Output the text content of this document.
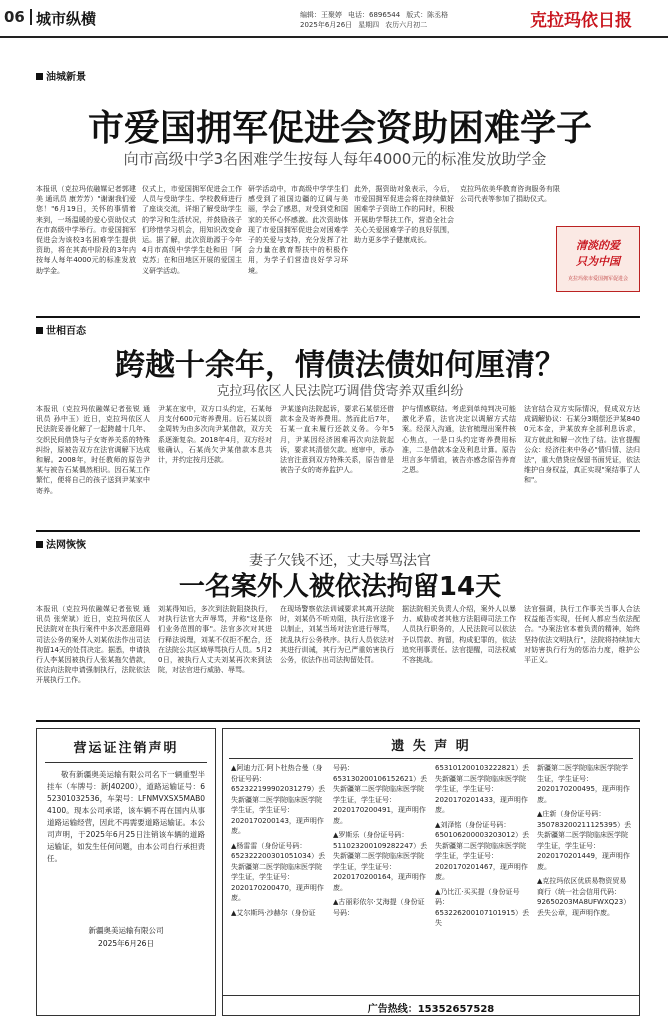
06 城市纵横	编辑：王聚婷 电话：6896544 版式：陈丞格
2025年6月26日 星期四 农历六月初二	克拉玛依日报
油城新景
市爱国拥军促进会资助困难学子
向市高级中学3名困难学生按每人每年4000元的标准发放助学金
本报讯（克拉玛依融媒记者郭建美 通讯员 康芳芳）"谢谢我们爱您！"6月19日，关怀的事情着来到，一场温暖的爱心资助仪式在市高级中学举行。市爱国拥军促进会为该校3名困难学生提供资助，将在其高中阶段的3年内按每人每年4000元的标准发放助学金。
仪式上，市爱国拥军促进会工作人员与受助学生、学校教师进行了座谈交流，详细了解受助学生的学习和生活状况，并鼓励孩子们珍惜学习机会，用知识改变命运。据了解，此次资助源于今年4月市高级中学学生赴和田「阿克苏」在和田地区开展的爱国主义研学活动。
研学活动中，市高级中学学生们感受到了祖国边疆的辽阔与美丽，学会了感恩，对受到党和国家的关怀心怀感激。此次资助体现了市爱国拥军促进会对困难学子的关爱与支持，充分发挥了社会力量在教育帮扶中的积极作用，为学子们营造良好学习环境。
此外，据资助对象表示，今后，市爱国拥军促进会将在持续做好困难学子资助工作的同时，积极开展助学帮扶工作，营造全社会关心关爱困难学子的良好氛围，助力更多学子健康成长。
克拉玛依美华教育咨询服务有限公司代表等参加了捐助仪式。
清淡的爱
只为中国
克拉玛依市爱国拥军促进会
世相百态
跨越十余年，情债法债如何厘清？
克拉玛依区人民法院巧调借贷寄养双重纠纷
本报讯（克拉玛依融媒记者张锐 通讯员 孙中玉）近日，克拉玛依区人民法院妥善化解了一起跨越十几年、交织民间借贷与子女寄养关系的特殊纠纷，原被告双方在法官调解下达成和解。2008年，时任教师的原告尹某与被告石某偶然相识。因石某工作繁忙，便将自己的孩子送到尹某家中寄养。
尹某在家中，双方口头约定，石某每月支付600元寄养费用。后石某以资金周转为由多次向尹某借款，双方关系逐渐复杂。2018年4月，双方经对账确认，石某尚欠尹某借款本息共计，并约定按月还款。
尹某遂向法院起诉，要求石某偿还借款本金及寄养费用。然而此后7年，石某一直未履行还款义务。今年5月，尹某因经济困难再次向法院起诉，要求其清偿欠款。庭审中，承办法官注意到双方特殊关系，原告曾是被告子女的寄养监护人。
护与情感联结。考虑到单纯判决可能激化矛盾，法官决定以调解方式结案。经深入沟通，法官梳理出案件核心焦点，一是口头约定寄养费用标准，二是借款本金及利息计算。原告坦言多年情谊，被告亦感念原告养育之恩。
法官结合双方实际情况，促成双方达成调解协议：石某分3期偿还尹某8400元本金，尹某放弃全部利息诉求，双方就此和解一次性了结。法官提醒公众：经济往来中务必"情归情、法归法"，重大借贷应保留书面凭证，依法维护自身权益，真正实现"案结事了人和"。
法网恢恢
妻子欠钱不还，丈夫辱骂法官
一名案外人被依法拘留14天
本报讯（克拉玛依融媒记者张锐 通讯员 张荣斌）近日，克拉玛依区人民法院对在执行案件中多次恶意阻碍司法公务的案外人刘某依法作出司法拘留14天的处罚决定。据悉，申请执行人李某因被执行人张某拖欠借款，依法向法院申请强制执行，法院依法开展执行工作。
刘某得知后，多次到法院阻挠执行，对执行法官大声辱骂，并称"这是你们业务范围的事"。法官多次对其进行释法说理，刘某不仅拒不配合，还在法院公共区域辱骂执行人员。5月20日，被执行人丈夫刘某再次来到法院，对法官进行威胁、辱骂。
在现场警察依法训诫要求其离开法院时，刘某仍不听劝阻，执行法官遂予以制止，刘某当场对法官进行辱骂，扰乱执行公务秩序。执行人员依法对其进行训诫，其行为已严重妨害执行公务，依法作出司法拘留处罚。
据法院相关负责人介绍，案外人以暴力、威胁或者其他方法阻碍司法工作人员执行职务的，人民法院可以依法予以罚款、拘留，构成犯罪的，依法追究刑事责任。法官提醒，司法权威不容挑战。
法官强调，执行工作事关当事人合法权益能否实现，任何人都应当依法配合。"办案法官本着负责的精神，始终坚持依法文明执行"，法院将持续加大对妨害执行行为的惩治力度，维护公平正义。
营运证注销声明
敬有新疆奥美运输有限公司名下一辆重型半挂车（车牌号：新J40200），道路运输证号：652301032536，车架号：LFNMVXSX5MAB04100。现本公司承诺，该车辆不再在国内从事道路运输经营，因此不再需要道路运输证。本公司声明，于2025年6月25日注销该车辆的道路运输证，如发生任何问题，由本公司自行承担责任。
新疆奥美运输有限公司
2025年6月26日
遗 失 声 明

▲阿迪力江·阿卜杜热合曼（身份证号码：652322199902031279）丢失新疆第二医学院临床医学院学生证，学生证号：2020170200143，现声明作废。

▲杨雷雷（身份证号码：652322200301051034）丢失新疆第二医学院临床医学院学生证，学生证号：2020170200470，现声明作废。

▲艾尔斯玛·沙赫尔（身份证

号码：653130200106152621）丢失新疆第二医学院临床医学院学生证，学生证号：2020170200491，现声明作废。

▲罗斯乐（身份证号码：511023200109282247）丢失新疆第二医学院临床医学院学生证，学生证号：2020170200164，现声明作废。

▲古丽彩依尔·艾海提（身份证号码：

653101200103222821）丢失新疆第二医学院临床医学院学生证，学生证号：2020170201433，现声明作废。

▲刘泽铭（身份证号码：650106200003203012）丢失新疆第二医学院临床医学院学生证，学生证号：2020170201467，现声明作废。

▲乃比江·买买提（身份证号码：653226200107101915）丢失

新疆第二医学院临床医学院学生证，学生证号：2020170200495，现声明作废。

▲庄新（身份证号码：350783200211125395）丢失新疆第二医学院临床医学院学生证，学生证号：2020170201449，现声明作废。

▲克拉玛依区优质易物资贸易商行（统一社会信用代码：92650203MA8UFWXQ23）丢失公章，现声明作废。

广告热线：15352657528
